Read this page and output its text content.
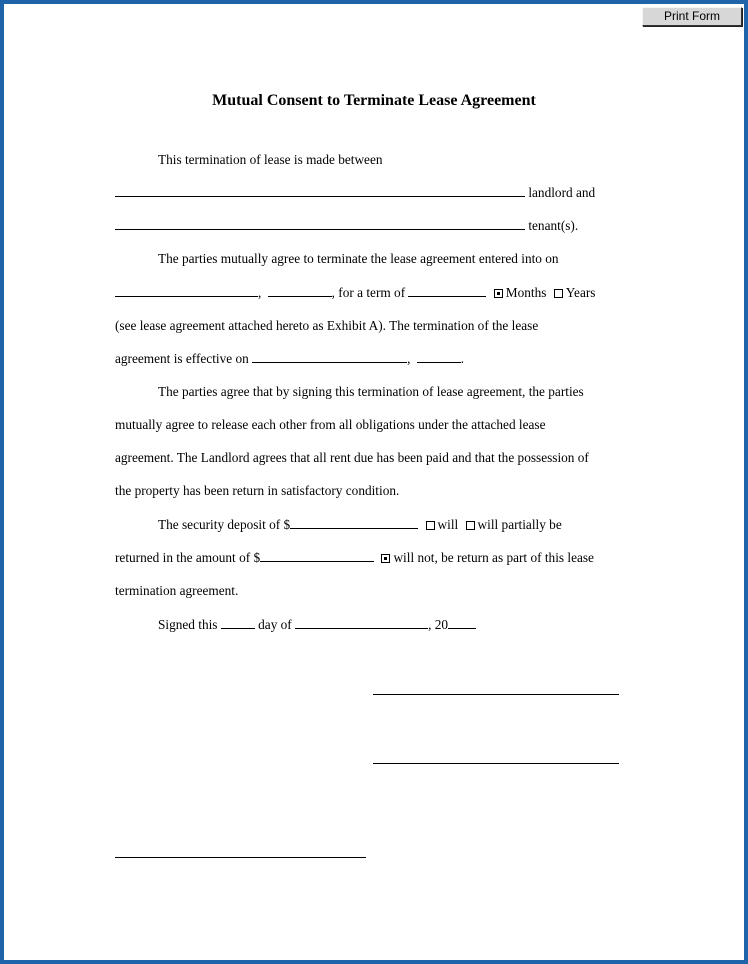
Print Form
Mutual Consent to Terminate Lease Agreement
This termination of lease is made between
landlord and
tenant(s).
The parties mutually agree to terminate the lease agreement entered into on
,	, for a term of	Months Years
(see lease agreement attached hereto as Exhibit A). The termination of the lease
agreement is effective on	,	.
The parties agree that by signing this termination of lease agreement, the parties
mutually agree to release each other from all obligations under the attached lease
agreement. The Landlord agrees that all rent due has been paid and that the possession of
the property has been return in satisfactory condition.
The security deposit of $	will will partially be
returned in the amount of $	will not, be return as part of this lease
termination agreement.
Signed this	day of	, 20
